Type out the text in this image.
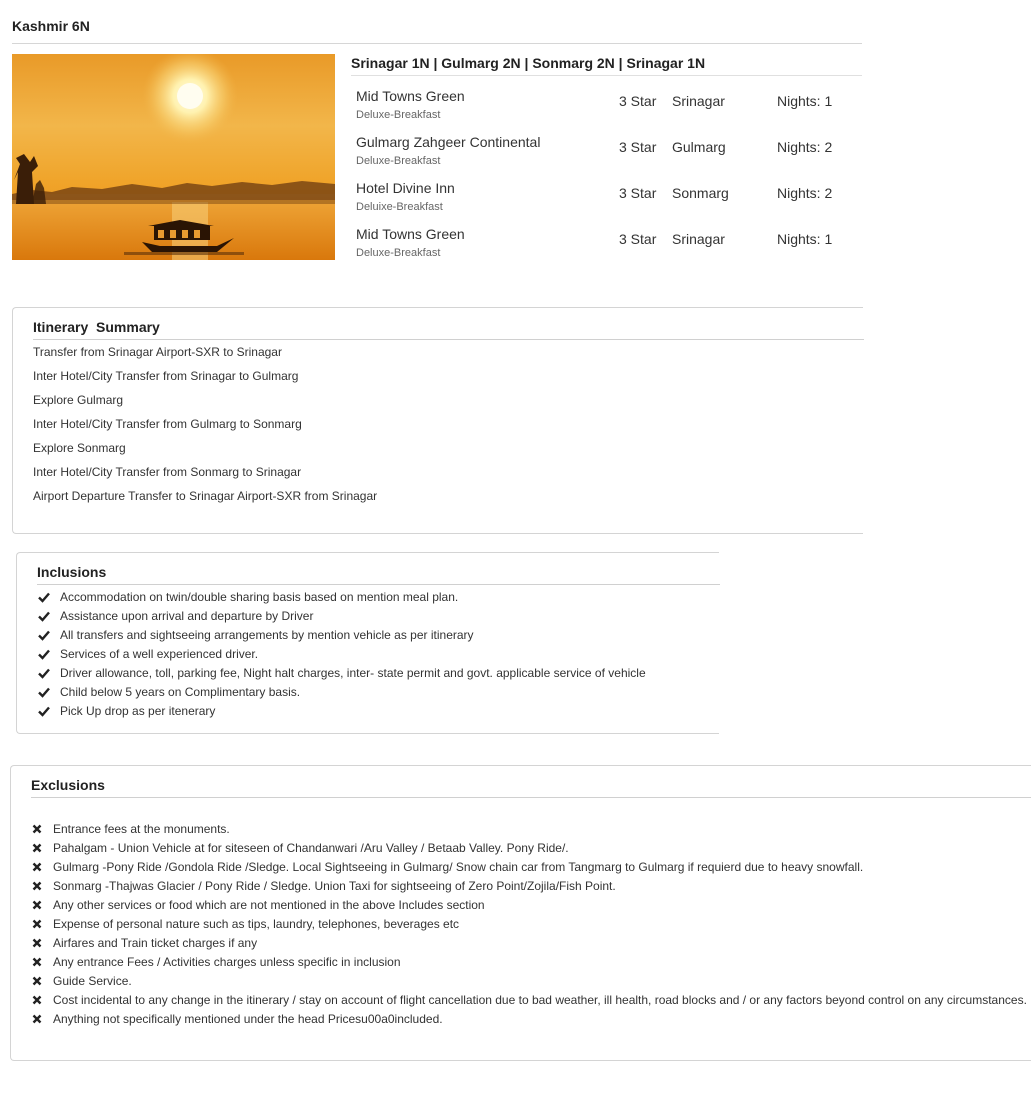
Kashmir 6N
Srinagar 1N | Gulmarg 2N | Sonmarg 2N | Srinagar 1N
Mid Towns Green
Deluxe-Breakfast
3 Star Srinagar	Nights: 1
Gulmarg Zahgeer Continental
Deluxe-Breakfast
3 Star Gulmarg	Nights: 2
Hotel Divine Inn
Deluixe-Breakfast
3 Star Sonmarg	Nights: 2
Mid Towns Green
Deluxe-Breakfast
3 Star Srinagar	Nights: 1
Itinerary  Summary
Transfer from Srinagar Airport-SXR to Srinagar
Inter Hotel/City Transfer from Srinagar to Gulmarg
Explore Gulmarg
Inter Hotel/City Transfer from Gulmarg to Sonmarg
Explore Sonmarg
Inter Hotel/City Transfer from Sonmarg to Srinagar
Airport Departure Transfer to Srinagar Airport-SXR from Srinagar
Inclusions
Accommodation on twin/double sharing basis based on mention meal plan.
Assistance upon arrival and departure by Driver
All transfers and sightseeing arrangements by mention vehicle as per itinerary
Services of a well experienced driver.
Driver allowance, toll, parking fee, Night halt charges, inter- state permit and govt. applicable service of vehicle
Child below 5 years on Complimentary basis.
Pick Up drop as per itenerary
Exclusions
Entrance fees at the monuments.
Pahalgam - Union Vehicle at for siteseen of Chandanwari /Aru Valley / Betaab Valley. Pony Ride/.
Gulmarg -Pony Ride /Gondola Ride /Sledge. Local Sightseeing in Gulmarg/ Snow chain car from Tangmarg to Gulmarg if requierd due to heavy snowfall.
Sonmarg -Thajwas Glacier / Pony Ride / Sledge. Union Taxi for sightseeing of Zero Point/Zojila/Fish Point.
Any other services or food which are not mentioned in the above Includes section
Expense of personal nature such as tips, laundry, telephones, beverages etc
Airfares and Train ticket charges if any
Any entrance Fees / Activities charges unless specific in inclusion
Guide Service.
Cost incidental to any change in the itinerary / stay on account of flight cancellation due to bad weather, ill health, road blocks and / or any factors beyond control on any circumstances.
Anything not specifically mentioned under the head Pricesu00a0included.
